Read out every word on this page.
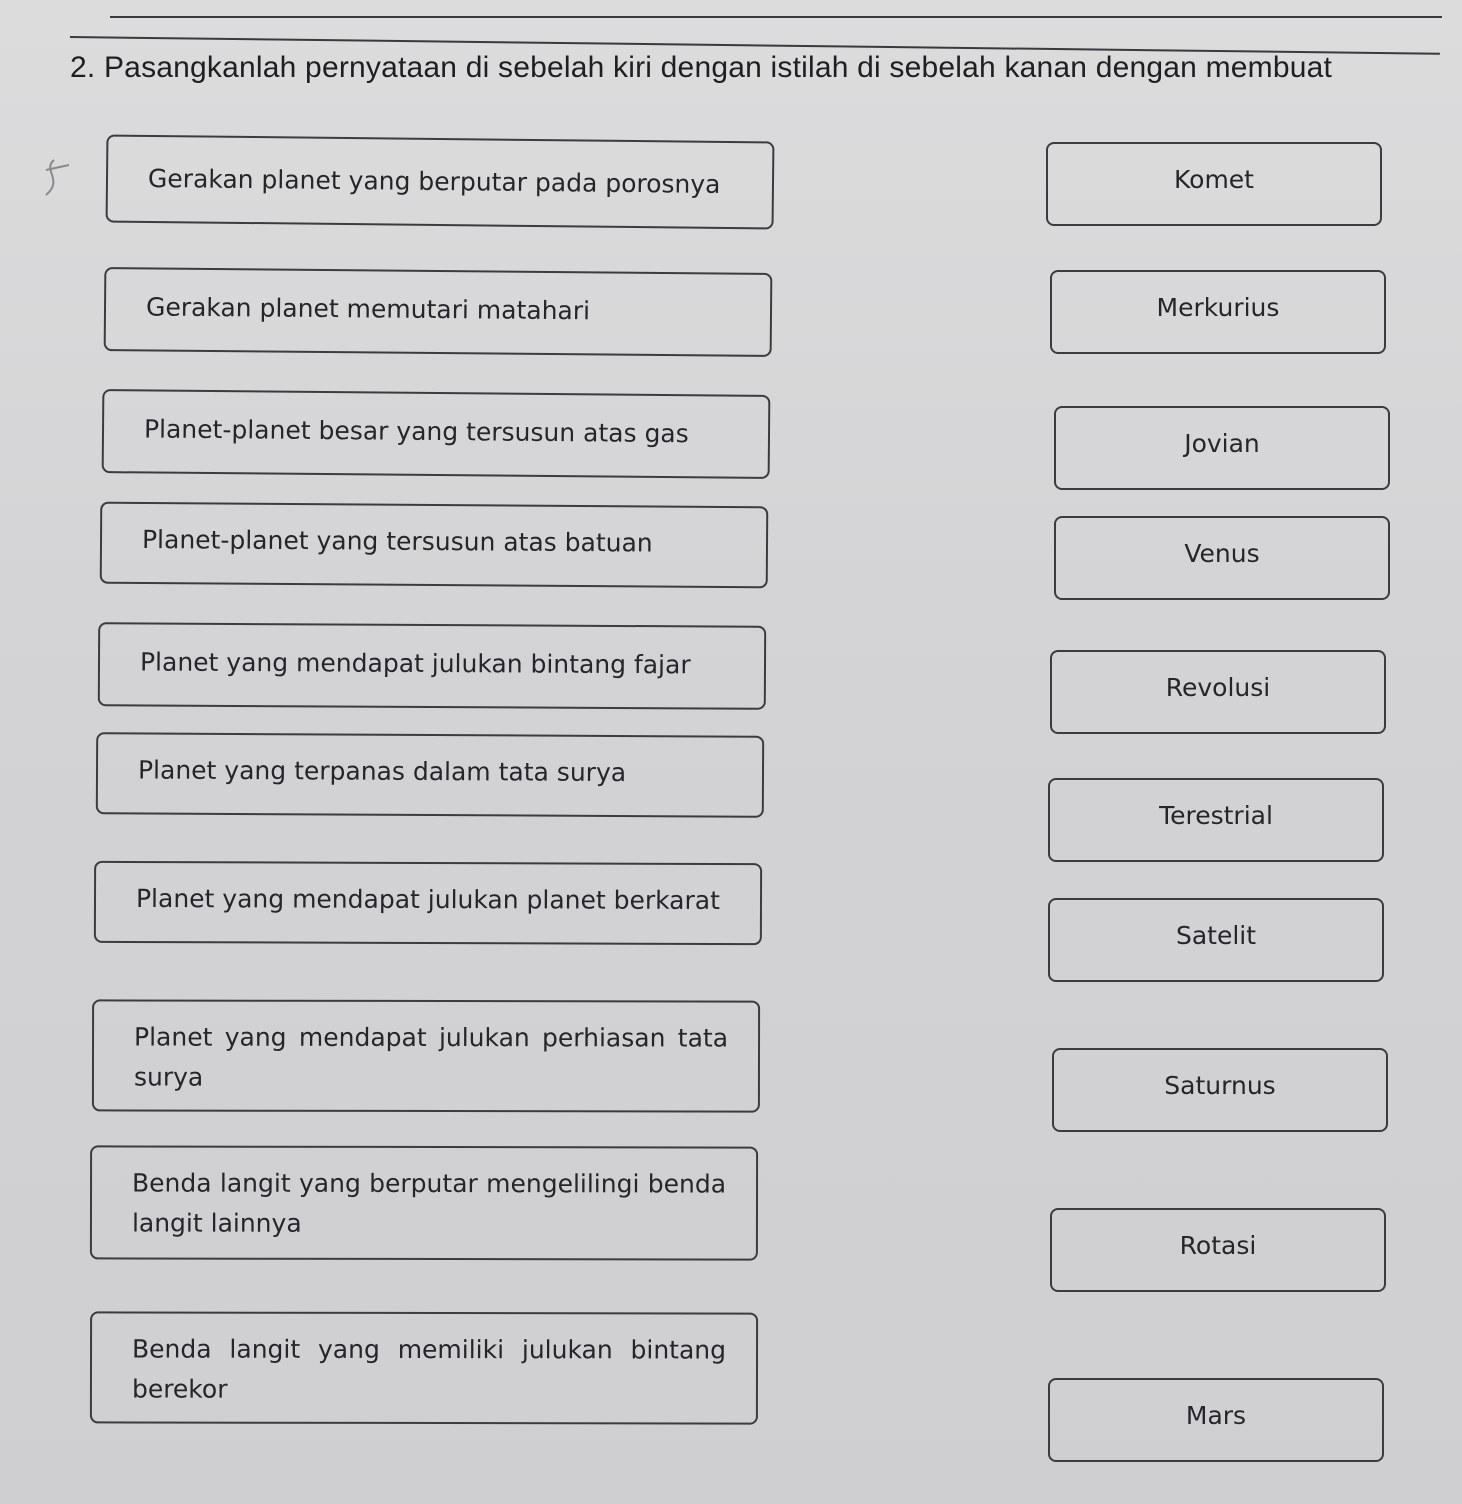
2. Pasangkanlah pernyataan di sebelah kiri dengan istilah di sebelah kanan dengan membuat
Gerakan planet yang berputar pada porosnya
Gerakan planet memutari matahari
Planet-planet besar yang tersusun atas gas
Planet-planet yang tersusun atas batuan
Planet yang mendapat julukan bintang fajar
Planet yang terpanas dalam tata surya
Planet yang mendapat julukan planet berkarat
Planet yang mendapat julukan perhiasan tata surya
Benda langit yang berputar mengelilingi benda langit lainnya
Benda langit yang memiliki julukan bintang berekor
Komet
Merkurius
Jovian
Venus
Revolusi
Terestrial
Satelit
Saturnus
Rotasi
Mars
